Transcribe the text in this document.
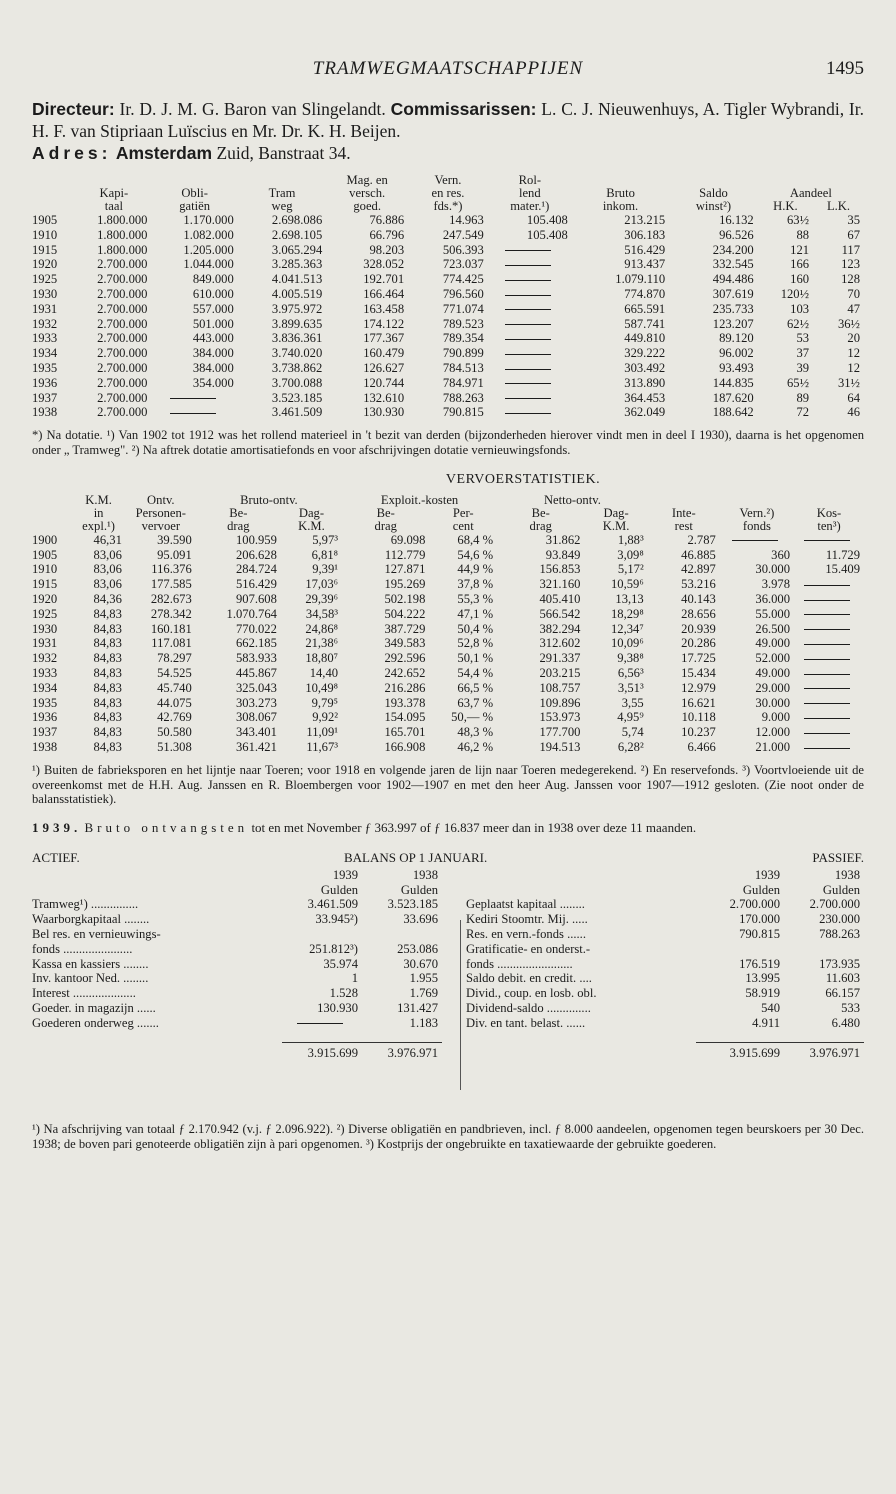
TRAMWEGMAATSCHAPPIJEN	1495
Directeur: Ir. D. J. M. G. Baron van Slingelandt. Commissarissen: L. C. J. Nieuwenhuys, A. Tigler Wybrandi, Ir. H. F. van Stipriaan Luïscius en Mr. Dr. K. H. Beijen.
Adres: Amsterdam Zuid, Banstraat 34.
				Mag. en	Vern.	Rol-				
	Kapi-	Obli-	Tram	versch.	en res.	lend	Bruto	Saldo	Aandeel	
	taal	gatiën	weg	goed.	fds.*)	mater.¹)	inkom.	winst²)	H.K.	L.K.
1905	1.800.000	1.170.000	2.698.086	76.886	14.963	105.408	213.215	16.132	63½	35
1910	1.800.000	1.082.000	2.698.105	66.796	247.549	105.408	306.183	96.526	88	67
1915	1.800.000	1.205.000	3.065.294	98.203	506.393		516.429	234.200	121	117
1920	2.700.000	1.044.000	3.285.363	328.052	723.037		913.437	332.545	166	123
1925	2.700.000	849.000	4.041.513	192.701	774.425		1.079.110	494.486	160	128
1930	2.700.000	610.000	4.005.519	166.464	796.560		774.870	307.619	120½	70
1931	2.700.000	557.000	3.975.972	163.458	771.074		665.591	235.733	103	47
1932	2.700.000	501.000	3.899.635	174.122	789.523		587.741	123.207	62½	36½
1933	2.700.000	443.000	3.836.361	177.367	789.354		449.810	89.120	53	20
1934	2.700.000	384.000	3.740.020	160.479	790.899		329.222	96.002	37	12
1935	2.700.000	384.000	3.738.862	126.627	784.513		303.492	93.493	39	12
1936	2.700.000	354.000	3.700.088	120.744	784.971		313.890	144.835	65½	31½
1937	2.700.000		3.523.185	132.610	788.263		364.453	187.620	89	64
1938	2.700.000		3.461.509	130.930	790.815		362.049	188.642	72	46
*) Na dotatie. ¹) Van 1902 tot 1912 was het rollend materieel in 't bezit van derden (bijzonderheden hierover vindt men in deel I 1930), daarna is het opgenomen onder „ Tramweg". ²) Na aftrek dotatie amortisatiefonds en voor afschrijvingen dotatie vernieuwingsfonds.
VERVOERSTATISTIEK.
	K.M.	Ontv.	Bruto-ontv.		Exploit.-kosten		Netto-ontv.				
	in	Personen-	Be-	Dag-	Be-	Per-	Be-	Dag-	Inte-	Vern.²)	Kos-
	expl.¹)	vervoer	drag	K.M.	drag	cent	drag	K.M.	rest	fonds	ten³)
1900	46,31	39.590	100.959	5,97³	69.098	68,4 %	31.862	1,88³	2.787		
1905	83,06	95.091	206.628	6,81⁸	112.779	54,6 %	93.849	3,09⁸	46.885	360	11.729
1910	83,06	116.376	284.724	9,39¹	127.871	44,9 %	156.853	5,17²	42.897	30.000	15.409
1915	83,06	177.585	516.429	17,03⁶	195.269	37,8 %	321.160	10,59⁶	53.216	3.978	
1920	84,36	282.673	907.608	29,39⁶	502.198	55,3 %	405.410	13,13	40.143	36.000	
1925	84,83	278.342	1.070.764	34,58³	504.222	47,1 %	566.542	18,29⁸	28.656	55.000	
1930	84,83	160.181	770.022	24,86⁸	387.729	50,4 %	382.294	12,34⁷	20.939	26.500	
1931	84,83	117.081	662.185	21,38⁶	349.583	52,8 %	312.602	10,09⁶	20.286	49.000	
1932	84,83	78.297	583.933	18,80⁷	292.596	50,1 %	291.337	9,38⁸	17.725	52.000	
1933	84,83	54.525	445.867	14,40	242.652	54,4 %	203.215	6,56³	15.434	49.000	
1934	84,83	45.740	325.043	10,49⁸	216.286	66,5 %	108.757	3,51³	12.979	29.000	
1935	84,83	44.075	303.273	9,79⁵	193.378	63,7 %	109.896	3,55	16.621	30.000	
1936	84,83	42.769	308.067	9,92²	154.095	50,— %	153.973	4,95⁹	10.118	9.000	
1937	84,83	50.580	343.401	11,09¹	165.701	48,3 %	177.700	5,74	10.237	12.000	
1938	84,83	51.308	361.421	11,67³	166.908	46,2 %	194.513	6,28²	6.466	21.000	
¹) Buiten de fabrieksporen en het lijntje naar Toeren; voor 1918 en volgende jaren de lijn naar Toeren medegerekend. ²) En reservefonds. ³) Voortvloeiende uit de overeenkomst met de H.H. Aug. Janssen en R. Bloembergen voor 1902—1907 en met den heer Aug. Janssen voor 1907—1912 gesloten. (Zie noot onder de balansstatistiek).
1939. Bruto ontvangsten tot en met November ƒ 363.997 of ƒ 16.837 meer dan in 1938 over deze 11 maanden.
ACTIEF.	BALANS OP 1 JANUARI.	PASSIEF.
	1939	1938
	Gulden	Gulden
Tramweg¹) ...............	3.461.509	3.523.185
Waarborgkapitaal ........	33.945²)	33.696
Bel res. en vernieuwings-		
fonds ......................	251.812³)	253.086
Kassa en kassiers ........	35.974	30.670
Inv. kantoor Ned. ........	1	1.955
Interest ....................	1.528	1.769
Goeder. in magazijn ......	130.930	131.427
Goederen onderweg .......		1.183

	3.915.699	3.976.971
	1939	1938
	Gulden	Gulden
Geplaatst kapitaal ........	2.700.000	2.700.000
Kediri Stoomtr. Mij. .....	170.000	230.000
Res. en vern.-fonds ......	790.815	788.263
Gratificatie- en onderst.-		
fonds ........................	176.519	173.935
Saldo debit. en credit. ....	13.995	11.603
Divid., coup. en losb. obl.	58.919	66.157
Dividend-saldo ..............	540	533
Div. en tant. belast. ......	4.911	6.480

	3.915.699	3.976.971
¹) Na afschrijving van totaal ƒ 2.170.942 (v.j. ƒ 2.096.922). ²) Diverse obligatiën en pandbrieven, incl. ƒ 8.000 aandeelen, opgenomen tegen beurskoers per 30 Dec. 1938; de boven pari genoteerde obligatiën zijn à pari opgenomen. ³) Kostprijs der ongebruikte en taxatiewaarde der gebruikte goederen.
